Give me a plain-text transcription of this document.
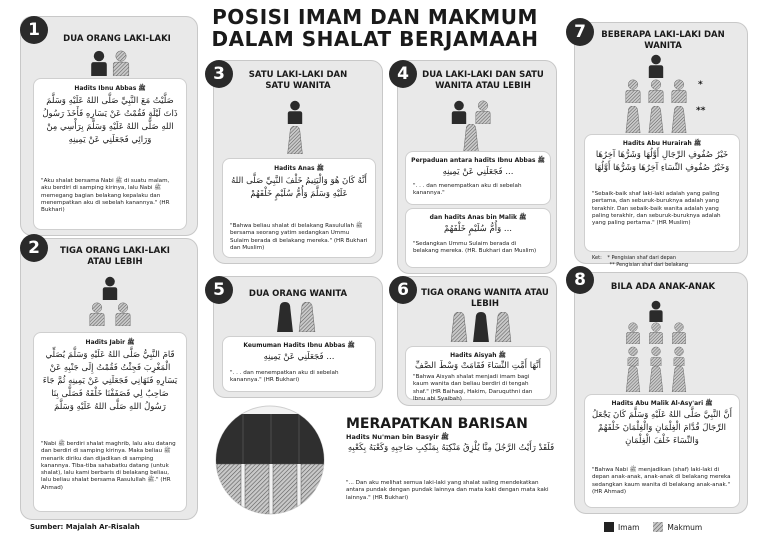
POSISI IMAM DAN MAKMUM
DALAM SHALAT BERJAMAAH
1	DUA ORANG LAKI-LAKI
Hadits Ibnu Abbas ﷺ
صَلَّيْتُ مَعَ النَّبِيِّ صَلَّى اللهُ عَلَيْهِ وَسَلَّمَ ذَاتَ لَيْلَةٍ فَقُمْتُ عَنْ يَسَارِهِ فَأَخَذَ رَسُولُ اللهِ صَلَّى اللهُ عَلَيْهِ وَسَلَّمَ بِرَأْسِي مِنْ وَرَائِي فَجَعَلَنِي عَنْ يَمِينِهِ
"Aku shalat bersama Nabi ﷺ di suatu malam, aku berdiri di samping kirinya, lalu Nabi ﷺ memegang bagian belakang kepalaku dan menempatkan aku di sebelah kanannya." (HR Bukhari)
2	TIGA ORANG LAKI-LAKI ATAU LEBIH
Hadits Jabir ﷺ
قَامَ النَّبِيُّ صَلَّى اللهُ عَلَيْهِ وَسَلَّمَ يُصَلِّي الْمَغْرِبَ فَجِئْتُ فَقُمْتُ إِلَى جَنْبِهِ عَنْ يَسَارِهِ فَنَهَانِي فَجَعَلَنِي عَنْ يَمِينِهِ ثُمَّ جَاءَ صَاحِبٌ لِي فَصَفَفْنَا خَلْفَهُ فَصَلَّى بِنَا رَسُولُ اللهِ صَلَّى اللهُ عَلَيْهِ وَسَلَّمَ
"Nabi ﷺ berdiri shalat maghrib, lalu aku datang dan berdiri di samping kirinya. Maka beliau ﷺ menarik diriku dan dijadikan di samping kanannya. Tiba-tiba sahabatku datang (untuk shalat), lalu kami berbaris di belakang beliau, lalu beliau shalat bersama Rasulullah ﷺ." (HR Ahmad)
3	SATU LAKI-LAKI DAN SATU WANITA
Hadits Anas ﷺ
أَنَّهُ كَانَ هُوَ وَالْيَتِيمُ خَلْفَ النَّبِيِّ صَلَّى اللهُ عَلَيْهِ وَسَلَّمَ وَأُمُّ سُلَيْمٍ خَلْفَهُمْ
"Bahwa beliau shalat di belakang Rasulullah ﷺ bersama seorang yatim sedangkan Ummu Sulaim berada di belakang mereka." (HR Bukhari dan Muslim)
4	DUA LAKI-LAKI DAN SATU WANITA ATAU LEBIH
Perpaduan antara hadits Ibnu Abbas ﷺ
... فَجَعَلَنِي عَنْ يَمِينِهِ
". . . dan menempatkan aku di sebelah kanannya."
dan hadits Anas bin Malik ﷺ
... وَأُمُّ سُلَيْمٍ خَلْفَهُمْ
"Sedangkan Ummu Sulaim berada di belakang mereka. (HR. Bukhari dan Muslim)
5	DUA ORANG WANITA
Keumuman Hadits Ibnu Abbas ﷺ
... فَجَعَلَنِي عَنْ يَمِينِهِ
". . . dan menempatkan aku di sebelah kanannya." (HR Bukhari)
6	TIGA ORANG WANITA ATAU LEBIH
Hadits Aisyah ﷺ
أَنَّهَا أَمَّتِ النِّسَاءَ فَقَامَتْ وَسْطَ الصَّفِّ
"Bahwa Aisyah shalat menjadi imam bagi kaum wanita dan beliau berdiri di tengah shaf." (HR Baihaqi, Hakim, Daruquthni dan Ibnu abi Syaibah)
7	BEBERAPA LAKI-LAKI DAN WANITA
*
**
Hadits Abu Hurairah ﷺ
خَيْرُ صُفُوفِ الرِّجَالِ أَوَّلُهَا وَشَرُّهَا آخِرُهَا وَخَيْرُ صُفُوفِ النِّسَاءِ آخِرُهَا وَشَرُّهَا أَوَّلُهَا
"Sebaik-baik shaf laki-laki adalah yang paling pertama, dan seburuk-buruknya adalah yang terakhir. Dan sebaik-baik wanita adalah yang paling terakhir, dan seburuk-buruknya adalah yang paling pertama." (HR Muslim)
Ket: * Pengisian shaf dari depan
** Pengisian shaf dari belakang
8	BILA ADA ANAK-ANAK
Hadits Abu Malik Al-Asy'ari ﷺ
أَنَّ النَّبِيَّ صَلَّى اللهُ عَلَيْهِ وَسَلَّمَ كَانَ يَجْعَلُ الرِّجَالَ قُدَّامَ الْغِلْمَانِ وَالْغِلْمَانَ خَلْفَهُمْ وَالنِّسَاءَ خَلْفَ الْغِلْمَانِ
"Bahwa Nabi ﷺ menjadikan (shaf) laki-laki di depan anak-anak, anak-anak di belakang mereka sedangkan kaum wanita di belakang anak-anak." (HR Ahmad)
MERAPATKAN BARISAN
Hadits Nu'man bin Basyir ﷺ
فَلَقَدْ رَأَيْتُ الرَّجُلَ مِنَّا يُلْزِقُ مَنْكِبَهُ بِمَنْكِبِ صَاحِبِهِ وَكَعْبَهُ بِكَعْبِهِ
"... Dan aku melihat semua laki-laki yang shalat saling mendekatkan antara pundak dengan pundak lainnya dan mata kaki dengan mata kaki lainnya." (HR Bukhari)
Sumber: Majalah Ar-Risalah	Imam	Makmum
